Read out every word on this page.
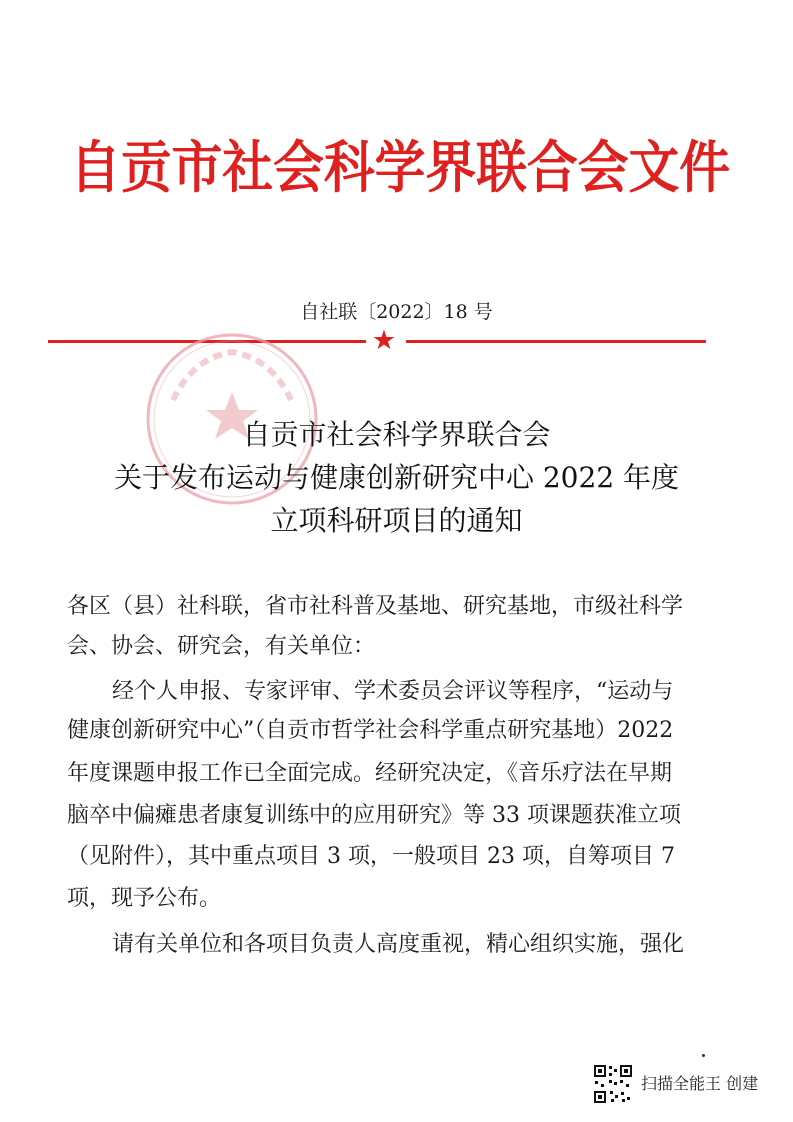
自贡市社会科学界联合会文件
自社联〔2022〕18 号
★
自贡市社会科学界联合会
关于发布运动与健康创新研究中心 2022 年度
立项科研项目的通知
各区（县）社科联，省市社科普及基地、研究基地，市级社科学
会、协会、研究会，有关单位：
经个人申报、专家评审、学术委员会评议等程序，“运动与
健康创新研究中心”（自贡市哲学社会科学重点研究基地）2022
年度课题申报工作已全面完成。经研究决定，《音乐疗法在早期
脑卒中偏瘫患者康复训练中的应用研究》等 33 项课题获准立项
（见附件），其中重点项目 3 项，一般项目 23 项，自筹项目 7
项，现予公布。
请有关单位和各项目负责人高度重视，精心组织实施，强化
扫描全能王 创建
